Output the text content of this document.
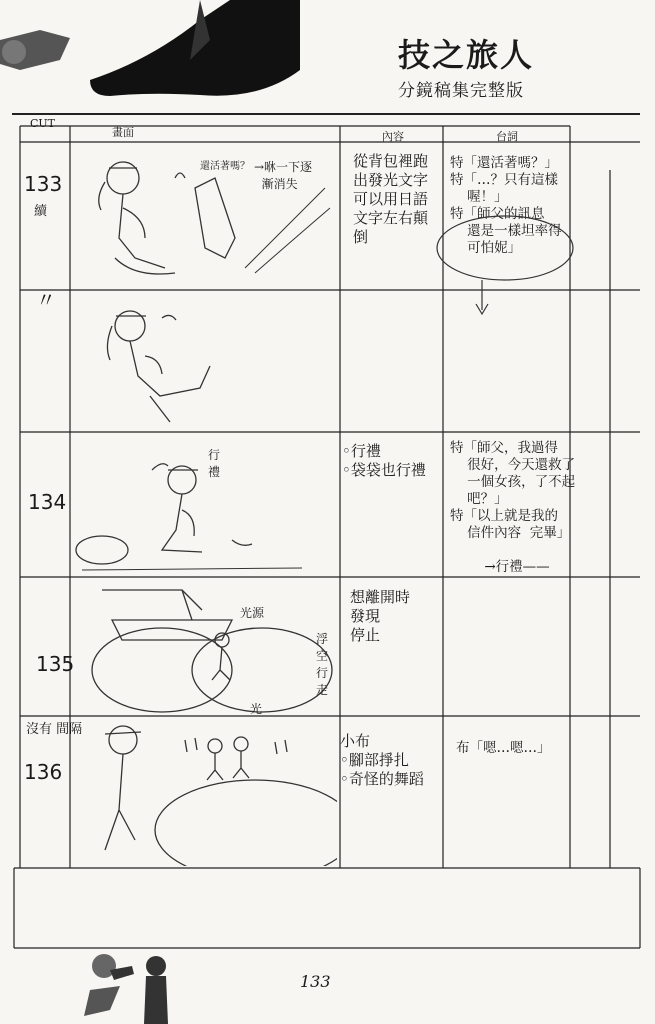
技之旅人
分鏡稿集完整版
CUT
畫面	內容	台詞
133
續
還活著嗎？ →咻一下逐
漸消失
從背包裡跑
出發光文字
可以用日語
文字左右顛
倒
特「還活著嗎？」
特「…？只有這樣
喔！」
特「師父的訊息
還是一樣坦率得
可怕妮」
〃
134
行
禮
◦行禮
◦袋袋也行禮
特「師父，我過得
很好，今天還救了
一個女孩，了不起
吧？」
特「以上就是我的
信件內容  完畢」

→行禮——
135
光源
浮
空
行
走
光
想離開時
發現
停止
沒有 間隔
136
小布
◦腳部掙扎
◦奇怪的舞蹈
布「嗯…嗯…」
133
